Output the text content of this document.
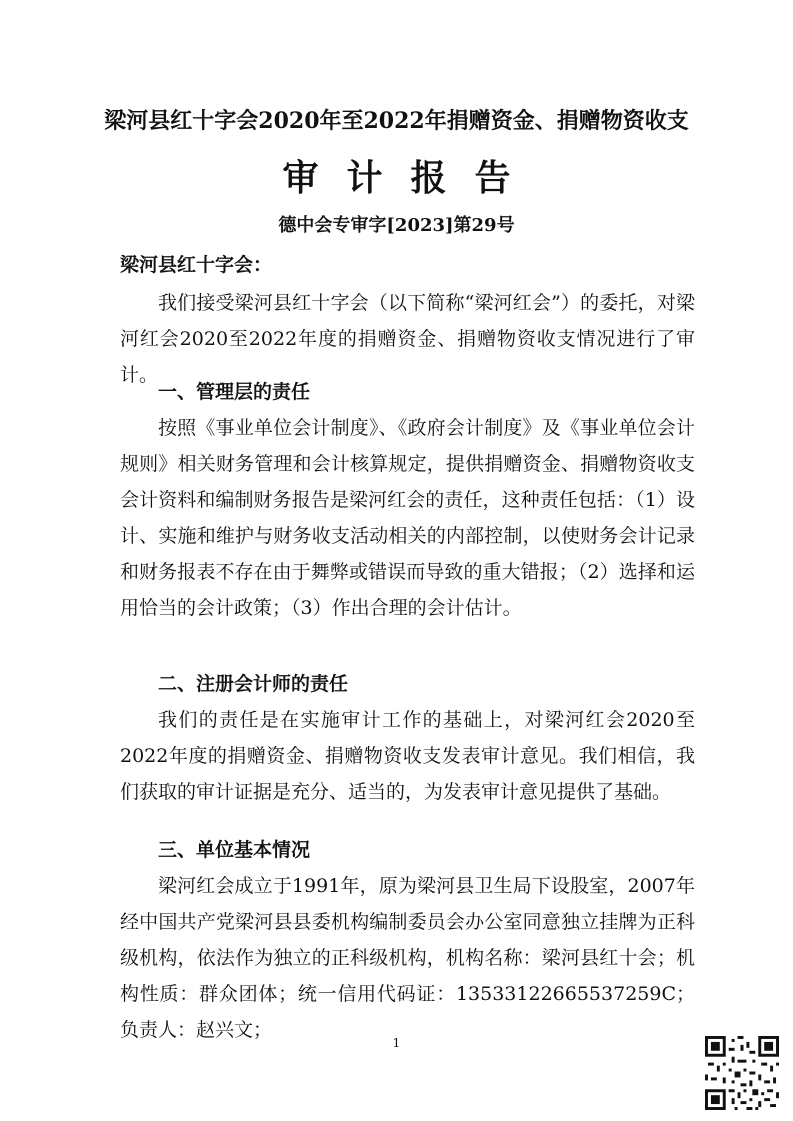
梁河县红十字会2020年至2022年捐赠资金、捐赠物资收支
审计报告
德中会专审字[2023]第29号
梁河县红十字会：

我们接受梁河县红十字会（以下简称“梁河红会”）的委托，对梁河红会2020至2022年度的捐赠资金、捐赠物资收支情况进行了审计。

一、管理层的责任

按照《事业单位会计制度》、《政府会计制度》及《事业单位会计规则》相关财务管理和会计核算规定，提供捐赠资金、捐赠物资收支会计资料和编制财务报告是梁河红会的责任，这种责任包括：（1）设计、实施和维护与财务收支活动相关的内部控制，以使财务会计记录和财务报表不存在由于舞弊或错误而导致的重大错报；（2）选择和运用恰当的会计政策；（3）作出合理的会计估计。

二、注册会计师的责任

我们的责任是在实施审计工作的基础上，对梁河红会2020至2022年度的捐赠资金、捐赠物资收支发表审计意见。我们相信，我们获取的审计证据是充分、适当的，为发表审计意见提供了基础。

三、单位基本情况

梁河红会成立于1991年，原为梁河县卫生局下设股室，2007年经中国共产党梁河县县委机构编制委员会办公室同意独立挂牌为正科级机构，依法作为独立的正科级机构，机构名称：梁河县红十会；机构性质：群众团体；统一信用代码证：13533122665537259C；负责人：赵兴文；

1
